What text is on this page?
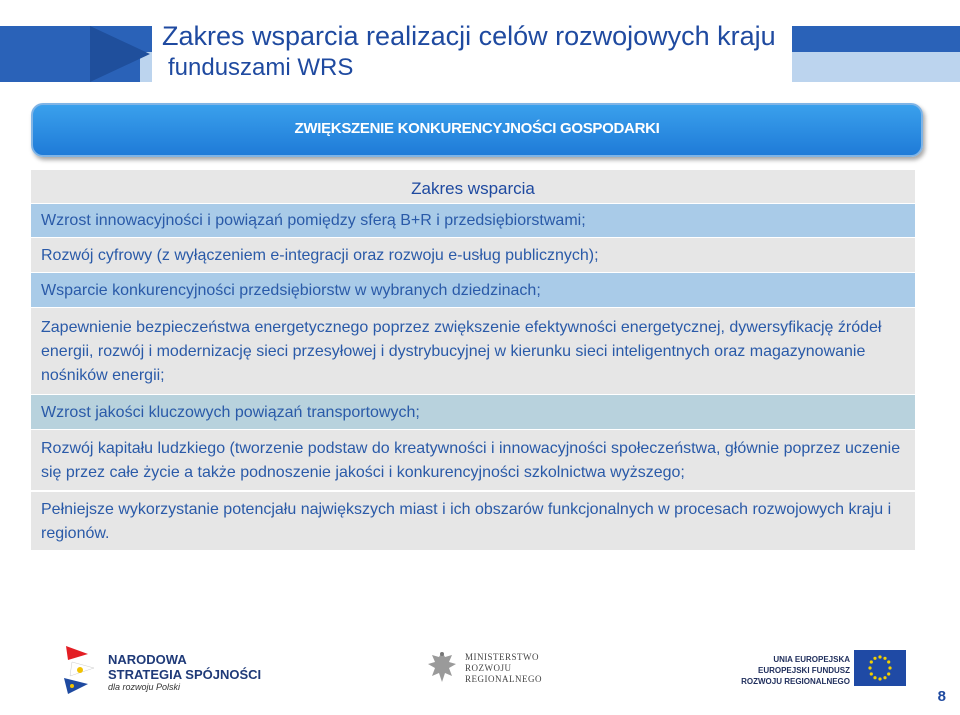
Zakres wsparcia realizacji celów rozwojowych kraju
funduszami WRS
ZWIĘKSZENIE KONKURENCYJNOŚCI GOSPODARKI
Zakres wsparcia
Wzrost innowacyjności i powiązań pomiędzy sferą B+R i przedsiębiorstwami;
Rozwój cyfrowy (z wyłączeniem e-integracji oraz rozwoju e-usług publicznych);
Wsparcie konkurencyjności przedsiębiorstw w wybranych dziedzinach;
Zapewnienie bezpieczeństwa energetycznego poprzez zwiększenie efektywności energetycznej, dywersyfikację źródeł energii, rozwój i modernizację sieci przesyłowej i dystrybucyjnej w kierunku sieci inteligentnych oraz magazynowanie nośników energii;
Wzrost jakości kluczowych powiązań transportowych;
Rozwój kapitału ludzkiego (tworzenie podstaw do kreatywności i innowacyjności społeczeństwa, głównie poprzez uczenie się przez całe życie a także podnoszenie jakości i konkurencyjności szkolnictwa wyższego;
Pełniejsze wykorzystanie potencjału największych miast i ich obszarów funkcjonalnych w procesach rozwojowych kraju i regionów.
NARODOWA
STRATEGIA SPÓJNOŚCI
dla rozwoju Polski
MINISTERSTWO
ROZWOJU
REGIONALNEGO
UNIA EUROPEJSKA
EUROPEJSKI FUNDUSZ
ROZWOJU REGIONALNEGO
8
